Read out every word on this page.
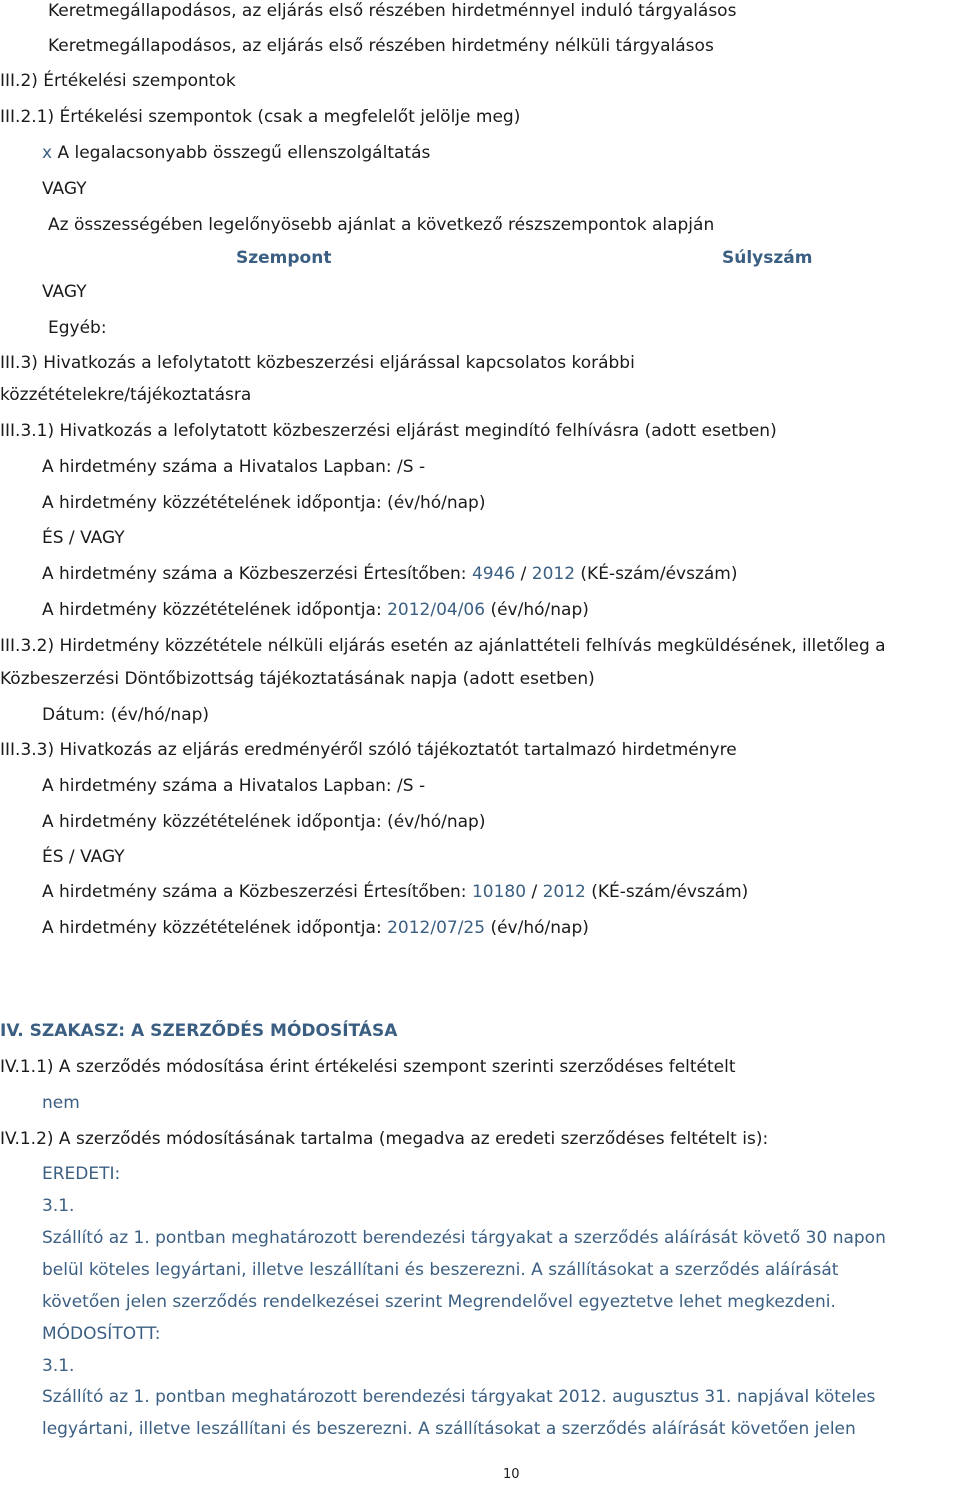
Keretmegállapodásos, az eljárás első részében hirdetménnyel induló tárgyalásos
Keretmegállapodásos, az eljárás első részében hirdetmény nélküli tárgyalásos
III.2) Értékelési szempontok
III.2.1) Értékelési szempontok (csak a megfelelőt jelölje meg)
x A legalacsonyabb összegű ellenszolgáltatás
VAGY
Az összességében legelőnyösebb ajánlat a következő részszempontok alapján
Szempont	Súlyszám
VAGY
Egyéb:
III.3) Hivatkozás a lefolytatott közbeszerzési eljárással kapcsolatos korábbi
közzétételekre/tájékoztatásra
III.3.1) Hivatkozás a lefolytatott közbeszerzési eljárást megindító felhívásra (adott esetben)
A hirdetmény száma a Hivatalos Lapban: /S -
A hirdetmény közzétételének időpontja: (év/hó/nap)
ÉS / VAGY
A hirdetmény száma a Közbeszerzési Értesítőben: 4946 / 2012 (KÉ-szám/évszám)
A hirdetmény közzétételének időpontja: 2012/04/06 (év/hó/nap)
III.3.2) Hirdetmény közzététele nélküli eljárás esetén az ajánlattételi felhívás megküldésének, illetőleg a
Közbeszerzési Döntőbizottság tájékoztatásának napja (adott esetben)
Dátum: (év/hó/nap)
III.3.3) Hivatkozás az eljárás eredményéről szóló tájékoztatót tartalmazó hirdetményre
A hirdetmény száma a Hivatalos Lapban: /S -
A hirdetmény közzétételének időpontja: (év/hó/nap)
ÉS / VAGY
A hirdetmény száma a Közbeszerzési Értesítőben: 10180 / 2012 (KÉ-szám/évszám)
A hirdetmény közzétételének időpontja: 2012/07/25 (év/hó/nap)
IV. SZAKASZ: A SZERZŐDÉS MÓDOSÍTÁSA
IV.1.1) A szerződés módosítása érint értékelési szempont szerinti szerződéses feltételt
nem
IV.1.2) A szerződés módosításának tartalma (megadva az eredeti szerződéses feltételt is):
EREDETI:
3.1.
Szállító az 1. pontban meghatározott berendezési tárgyakat a szerződés aláírását követő 30 napon
belül köteles legyártani, illetve leszállítani és beszerezni. A szállításokat a szerződés aláírását
követően jelen szerződés rendelkezései szerint Megrendelővel egyeztetve lehet megkezdeni.
MÓDOSÍTOTT:
3.1.
Szállító az 1. pontban meghatározott berendezési tárgyakat 2012. augusztus 31. napjával köteles
legyártani, illetve leszállítani és beszerezni. A szállításokat a szerződés aláírását követően jelen
10
